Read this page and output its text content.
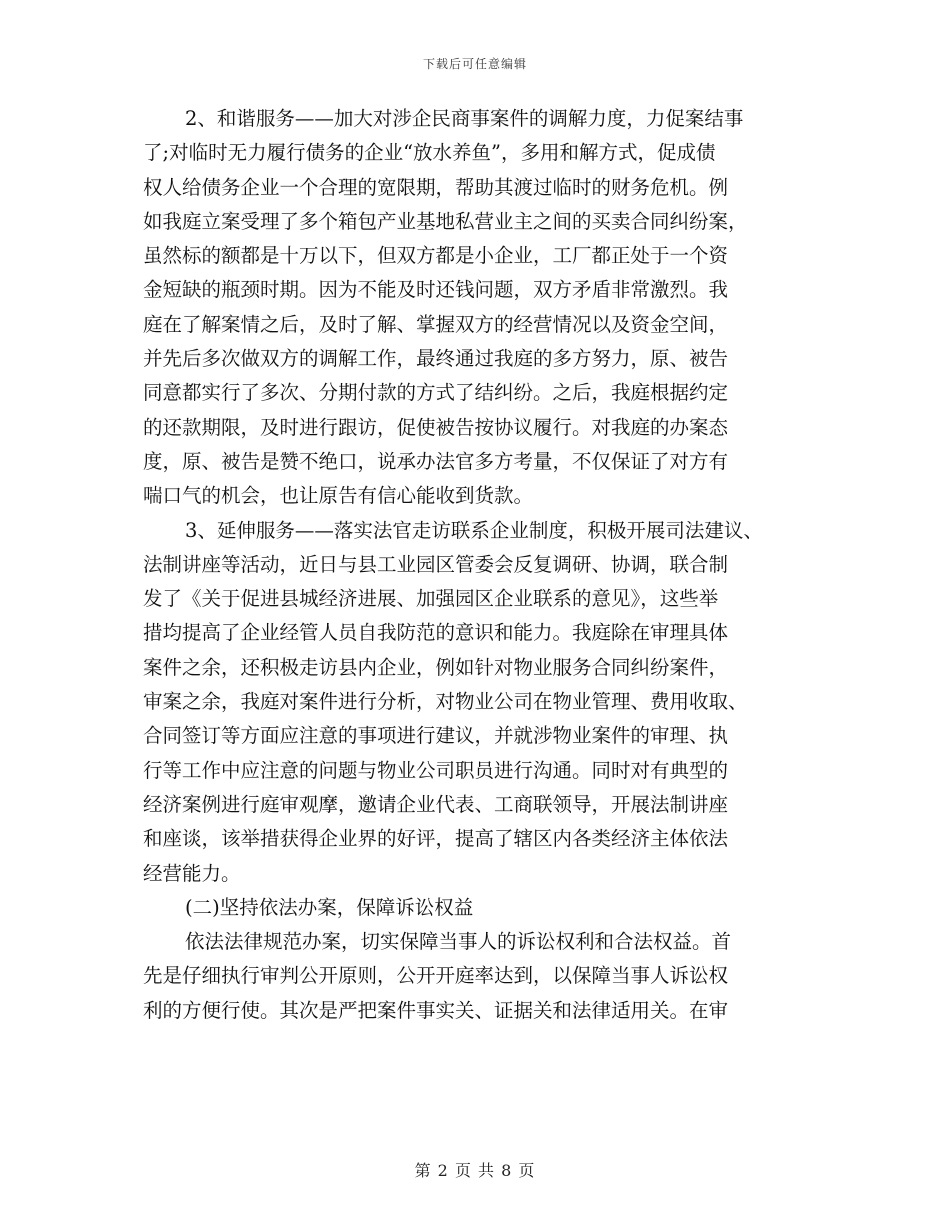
下载后可任意编辑
2、和谐服务——加大对涉企民商事案件的调解力度，力促案结事
了;对临时无力履行债务的企业“放水养鱼”，多用和解方式，促成债
权人给债务企业一个合理的宽限期，帮助其渡过临时的财务危机。例
如我庭立案受理了多个箱包产业基地私营业主之间的买卖合同纠纷案，
虽然标的额都是十万以下，但双方都是小企业，工厂都正处于一个资
金短缺的瓶颈时期。因为不能及时还钱问题，双方矛盾非常激烈。我
庭在了解案情之后，及时了解、掌握双方的经营情况以及资金空间，
并先后多次做双方的调解工作，最终通过我庭的多方努力，原、被告
同意都实行了多次、分期付款的方式了结纠纷。之后，我庭根据约定
的还款期限，及时进行跟访，促使被告按协议履行。对我庭的办案态
度，原、被告是赞不绝口，说承办法官多方考量，不仅保证了对方有
喘口气的机会，也让原告有信心能收到货款。
3、延伸服务——落实法官走访联系企业制度，积极开展司法建议、
法制讲座等活动，近日与县工业园区管委会反复调研、协调，联合制
发了《关于促进县城经济进展、加强园区企业联系的意见》，这些举
措均提高了企业经管人员自我防范的意识和能力。我庭除在审理具体
案件之余，还积极走访县内企业，例如针对物业服务合同纠纷案件，
审案之余，我庭对案件进行分析，对物业公司在物业管理、费用收取、
合同签订等方面应注意的事项进行建议，并就涉物业案件的审理、执
行等工作中应注意的问题与物业公司职员进行沟通。同时对有典型的
经济案例进行庭审观摩，邀请企业代表、工商联领导，开展法制讲座
和座谈，该举措获得企业界的好评，提高了辖区内各类经济主体依法
经营能力。
(二)坚持依法办案，保障诉讼权益
依法法律规范办案，切实保障当事人的诉讼权利和合法权益。首
先是仔细执行审判公开原则，公开开庭率达到，以保障当事人诉讼权
利的方便行使。其次是严把案件事实关、证据关和法律适用关。在审
第 2 页 共 8 页
